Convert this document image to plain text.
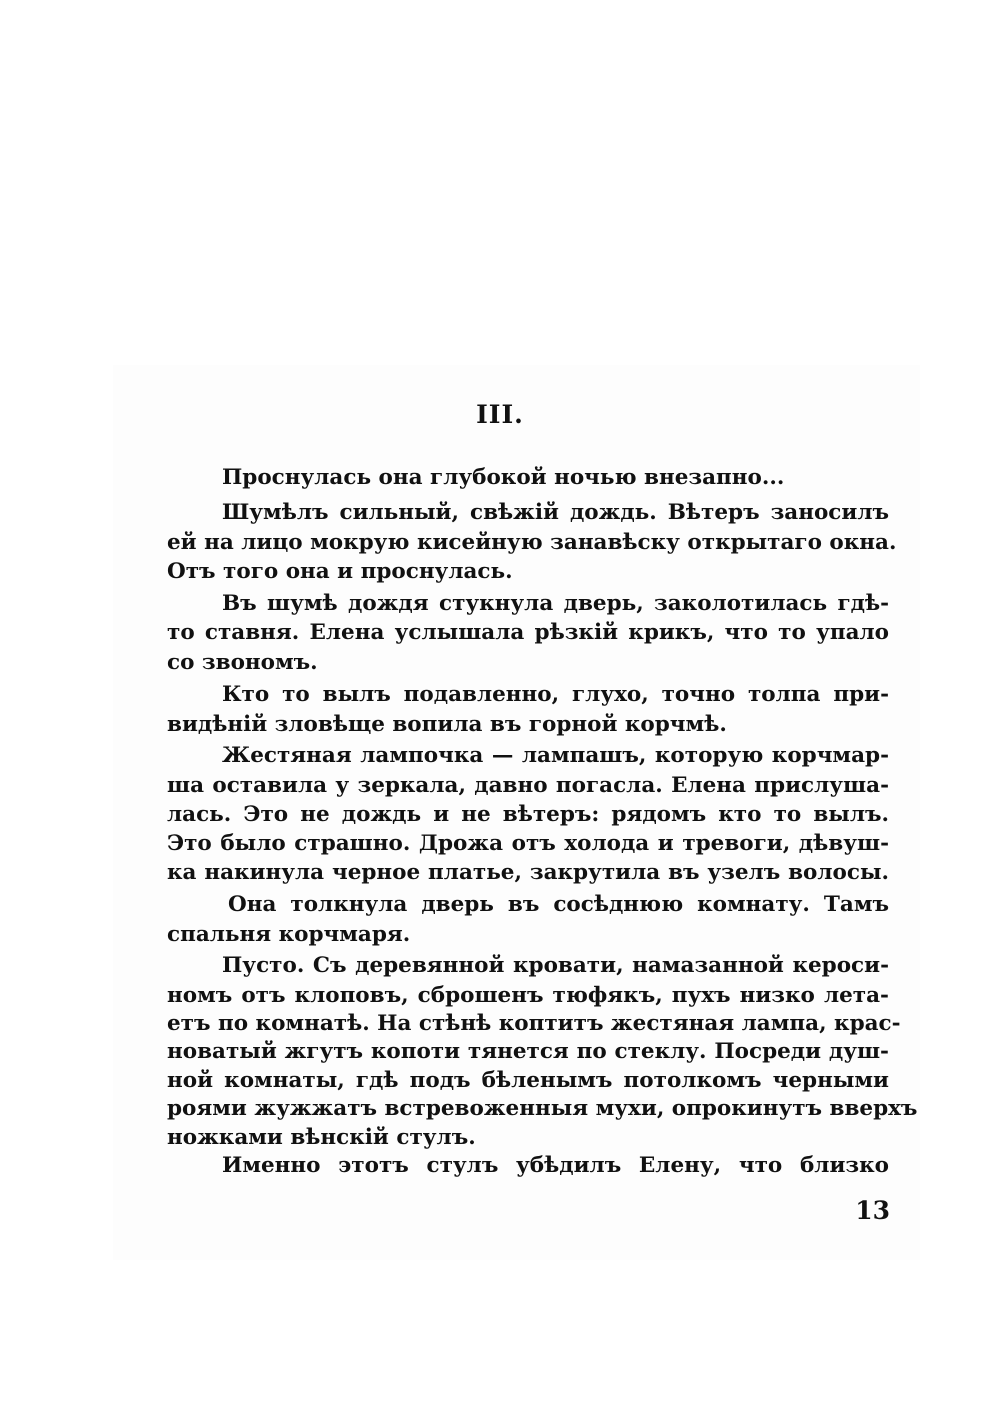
III.
Проснулась она глубокой ночью внезапно...
Шумѣлъ сильный, свѣжій дождь. Вѣтеръ заносилъ
ей на лицо мокрую кисейную занавѣску открытаго окна.
Отъ того она и проснулась.
Въ шумѣ дождя стукнула дверь, заколотилась гдѣ-
то ставня. Елена услышала рѣзкій крикъ, что то упало
со звономъ.
Кто то вылъ подавленно, глухо, точно толпа при-
видѣній зловѣще вопила въ горной корчмѣ.
Жестяная лампочка — лампашъ, которую корчмар-
ша оставила у зеркала, давно погасла. Елена прислуша-
лась. Это не дождь и не вѣтеръ: рядомъ кто то вылъ.
Это было страшно. Дрожа отъ холода и тревоги, дѣвуш-
ка накинула черное платье, закрутила въ узелъ волосы.
Она толкнула дверь въ сосѣднюю комнату. Тамъ
спальня корчмаря.
Пусто. Съ деревянной кровати, намазанной кероси-
номъ отъ клоповъ, сброшенъ тюфякъ, пухъ низко лета-
етъ по комнатѣ. На стѣнѣ коптитъ жестяная лампа, крас-
новатый жгутъ копоти тянется по стеклу. Посреди душ-
ной комнаты, гдѣ подъ бѣленымъ потолкомъ черными
роями жужжатъ встревоженныя мухи, опрокинутъ вверхъ
ножками вѣнскій стулъ.
Именно этотъ стулъ убѣдилъ Елену, что близко
13
